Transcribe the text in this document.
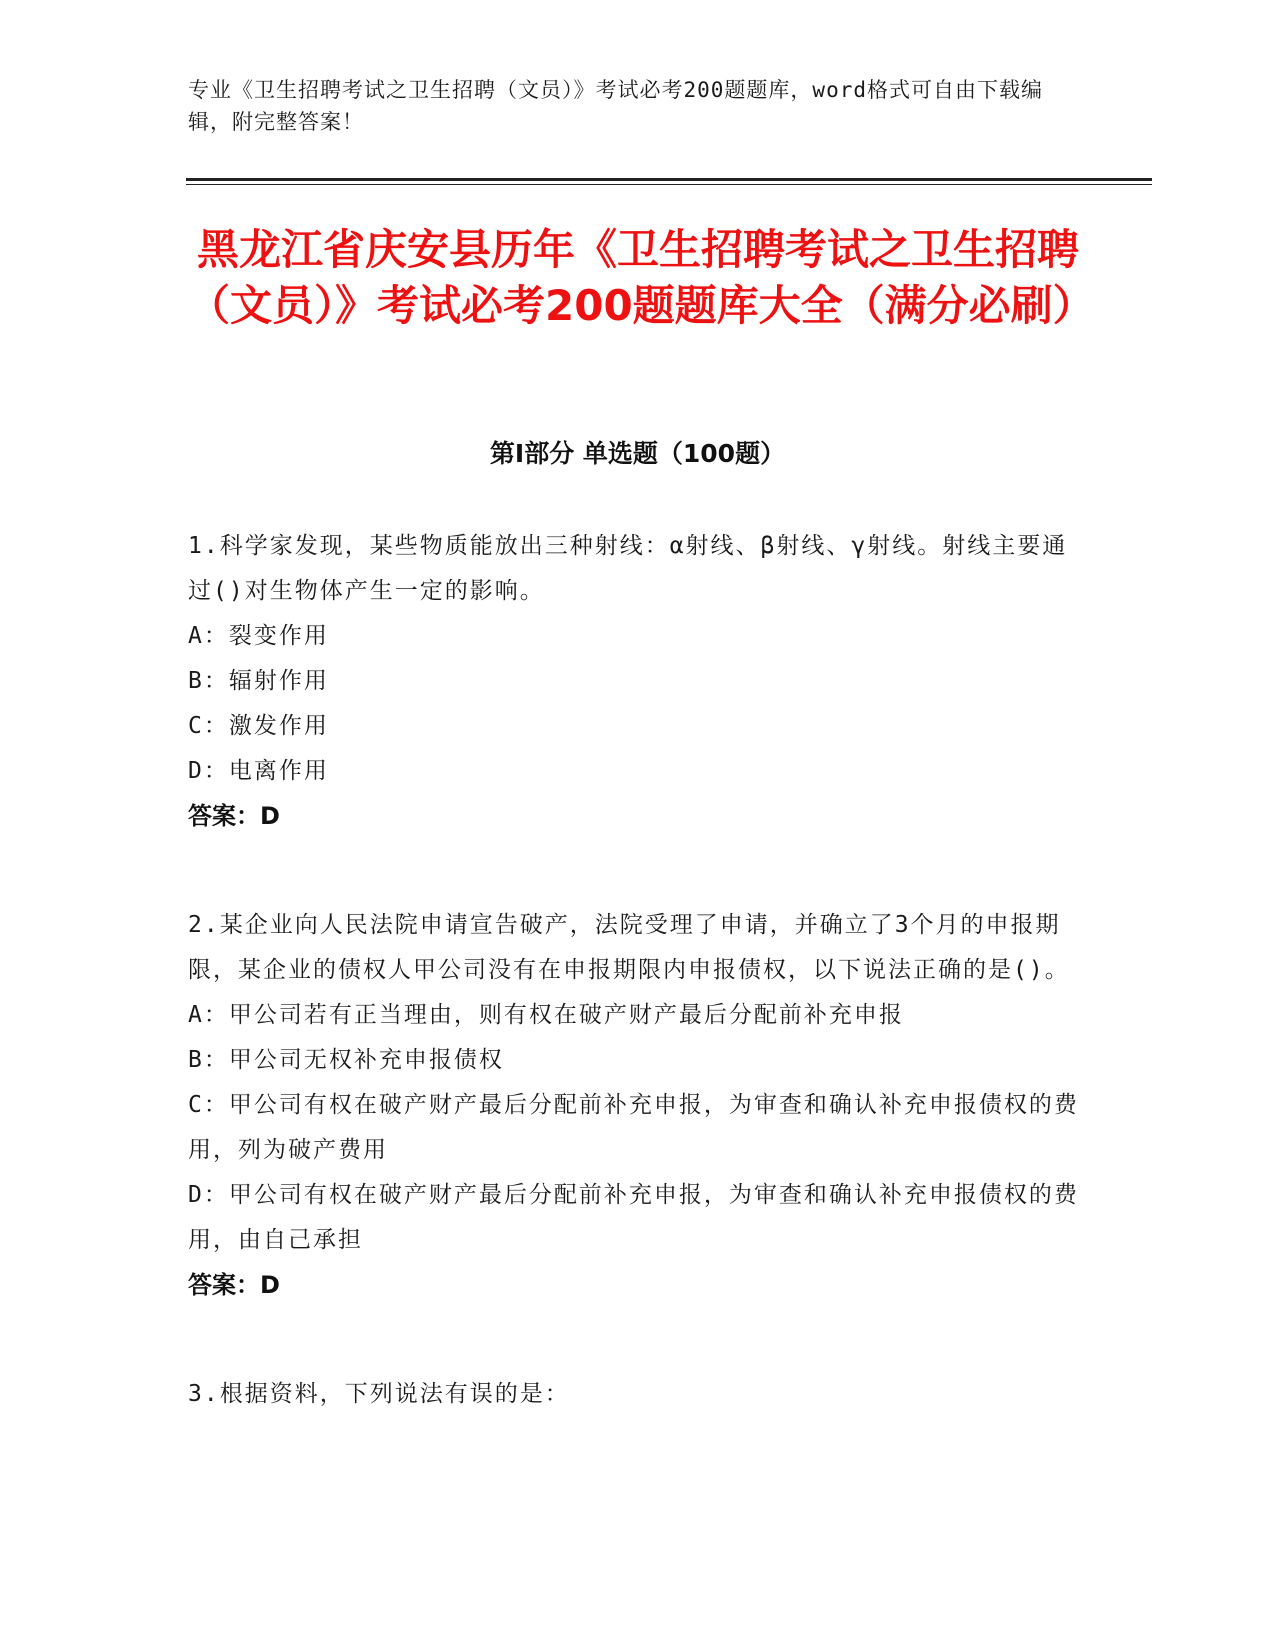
专业《卫生招聘考试之卫生招聘（文员）》考试必考200题题库，word格式可自由下载编辑，附完整答案！
黑龙江省庆安县历年《卫生招聘考试之卫生招聘（文员）》考试必考200题题库大全（满分必刷）
第Ⅰ部分 单选题（100题）

1.科学家发现，某些物质能放出三种射线：α射线、β射线、γ射线。射线主要通过()对生物体产生一定的影响。

A：裂变作用

B：辐射作用

C：激发作用

D：电离作用

答案：D

2.某企业向人民法院申请宣告破产，法院受理了申请，并确立了3个月的申报期限，某企业的债权人甲公司没有在申报期限内申报债权，以下说法正确的是()。

A：甲公司若有正当理由，则有权在破产财产最后分配前补充申报

B：甲公司无权补充申报债权

C：甲公司有权在破产财产最后分配前补充申报，为审查和确认补充申报债权的费用，列为破产费用

D：甲公司有权在破产财产最后分配前补充申报，为审查和确认补充申报债权的费用，由自己承担

答案：D

3.根据资料，下列说法有误的是：
